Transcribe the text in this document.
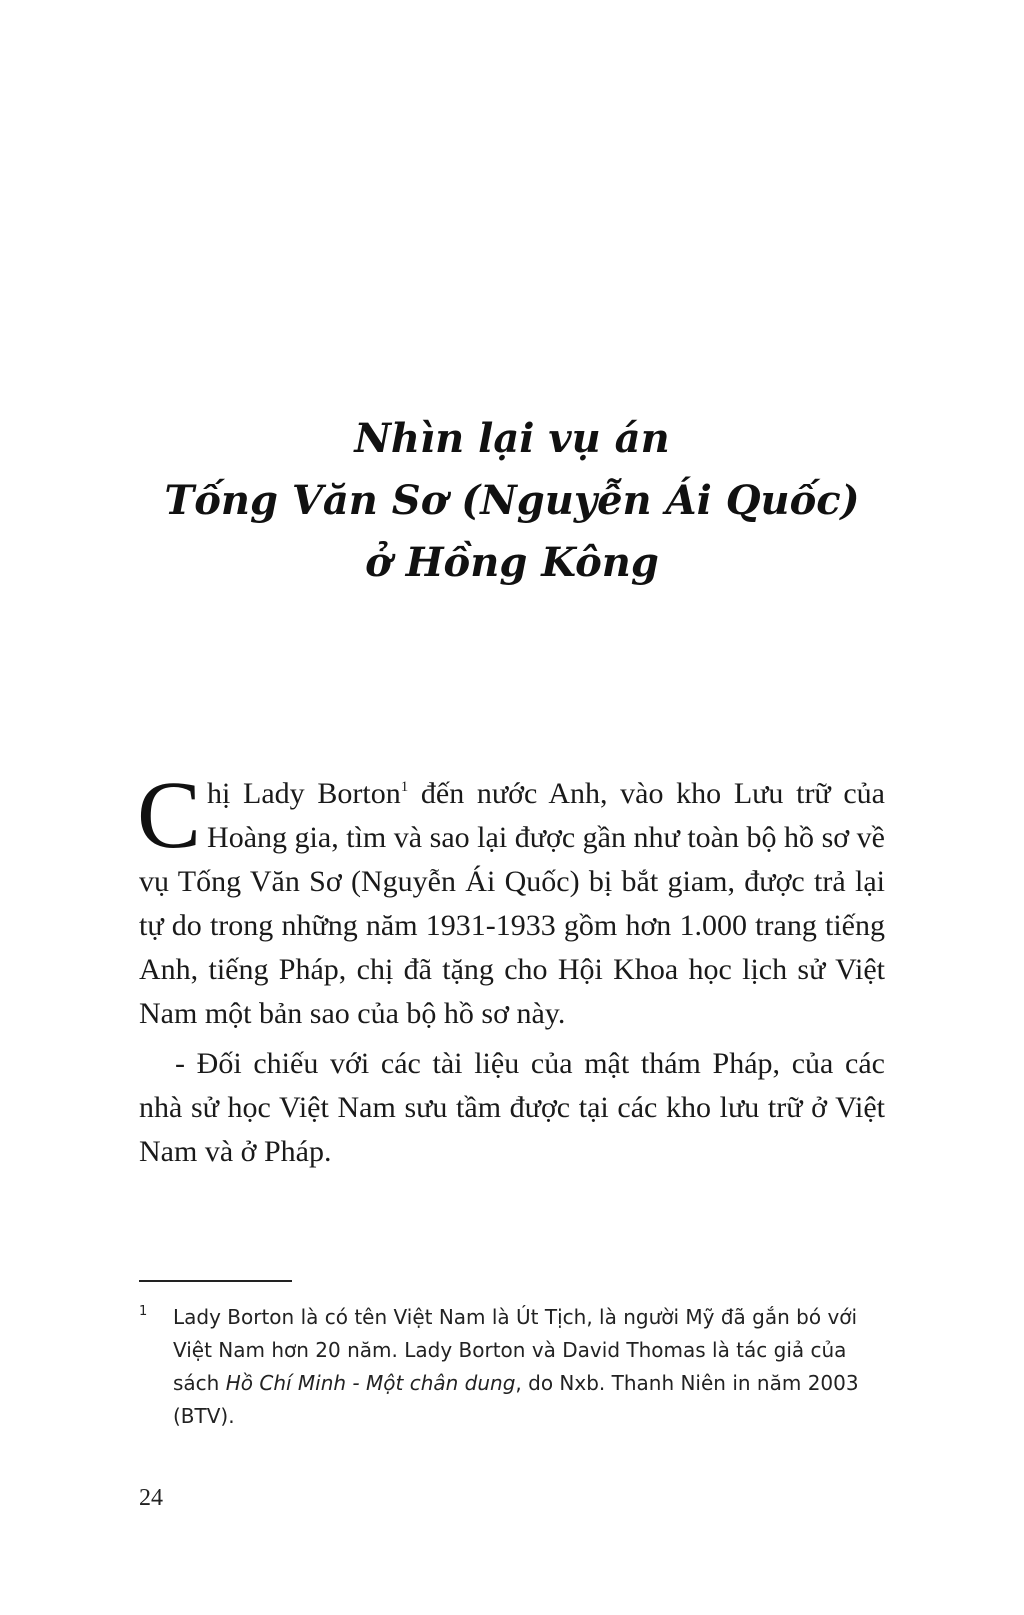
Nhìn lại vụ án
Tống Văn Sơ (Nguyễn Ái Quốc)
ở Hồng Kông

Chị Lady Borton$^1$ đến nước Anh, vào kho Lưu trữ của Hoàng gia, tìm và sao lại được gần như toàn bộ hồ sơ về vụ Tống Văn Sơ (Nguyễn Ái Quốc) bị bắt giam, được trả lại tự do trong những năm 1931-1933 gồm hơn 1.000 trang tiếng Anh, tiếng Pháp, chị đã tặng cho Hội Khoa học lịch sử Việt Nam một bản sao của bộ hồ sơ này.

- Đối chiếu với các tài liệu của mật thám Pháp, của các nhà sử học Việt Nam sưu tầm được tại các kho lưu trữ ở Việt Nam và ở Pháp.

1 Lady Borton là có tên Việt Nam là Út Tịch, là người Mỹ đã gắn bó với Việt Nam hơn 20 năm. Lady Borton và David Thomas là tác giả của sách Hồ Chí Minh - Một chân dung, do Nxb. Thanh Niên in năm 2003 (BTV).
24
